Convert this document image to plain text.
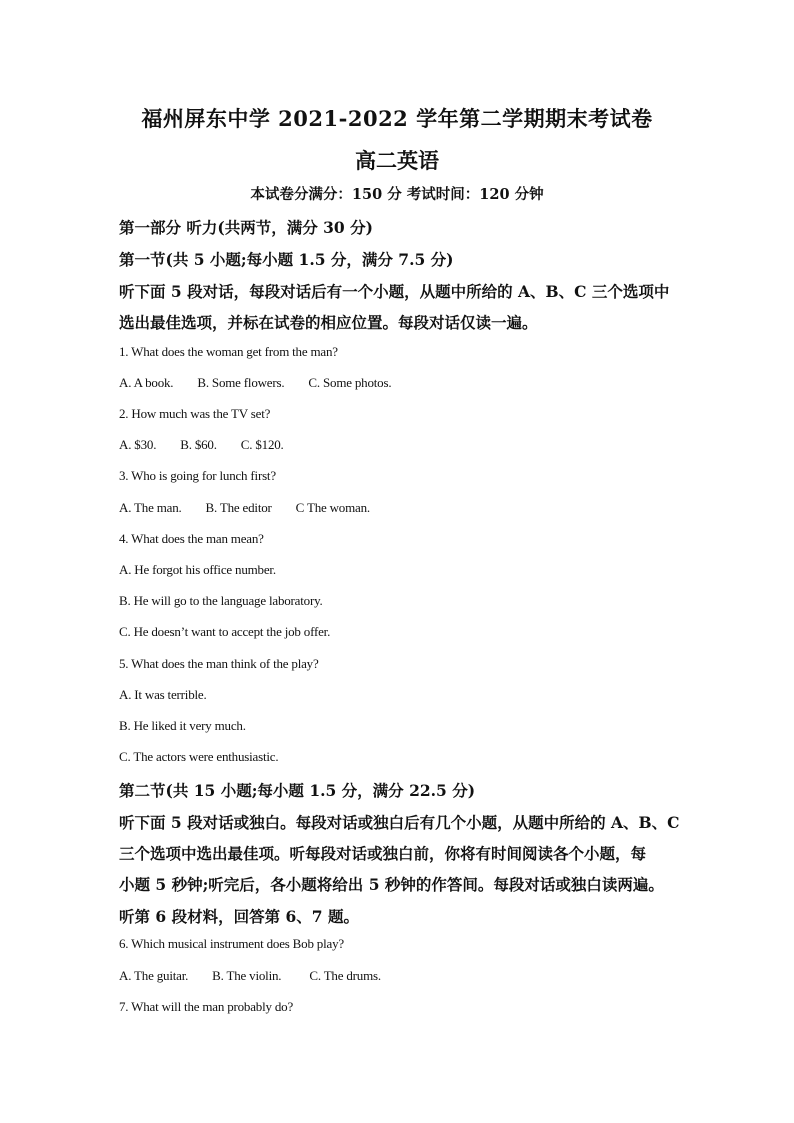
福州屏东中学 2021-2022 学年第二学期期末考试卷
高二英语
本试卷分满分：150 分 考试时间：120 分钟
第一部分 听力(共两节，满分 30 分)
第一节(共 5 小题;每小题 1.5 分，满分 7.5 分)
听下面 5 段对话，每段对话后有一个小题，从题中所给的 A、B、C 三个选项中
选出最佳选项，并标在试卷的相应位置。每段对话仅读一遍。
1. What does the woman get from the man?
A. A book. B. Some flowers. C. Some photos.
2. How much was the TV set?
A. $30. B. $60. C. $120.
3. Who is going for lunch first?
A. The man. B. The editor C The woman.
4. What does the man mean?
A. He forgot his office number.
B. He will go to the language laboratory.
C. He doesn’t want to accept the job offer.
5. What does the man think of the play?
A. It was terrible.
B. He liked it very much.
C. The actors were enthusiastic.
第二节(共 15 小题;每小题 1.5 分，满分 22.5 分)
听下面 5 段对话或独白。每段对话或独白后有几个小题，从题中所给的 A、B、C
三个选项中选出最佳项。听每段对话或独白前，你将有时间阅读各个小题，每
小题 5 秒钟;听完后，各小题将给出 5 秒钟的作答间。每段对话或独白读两遍。
听第 6 段材料，回答第 6、7 题。
6. Which musical instrument does Bob play?
A. The guitar. B. The violin. C. The drums.
7. What will the man probably do?
